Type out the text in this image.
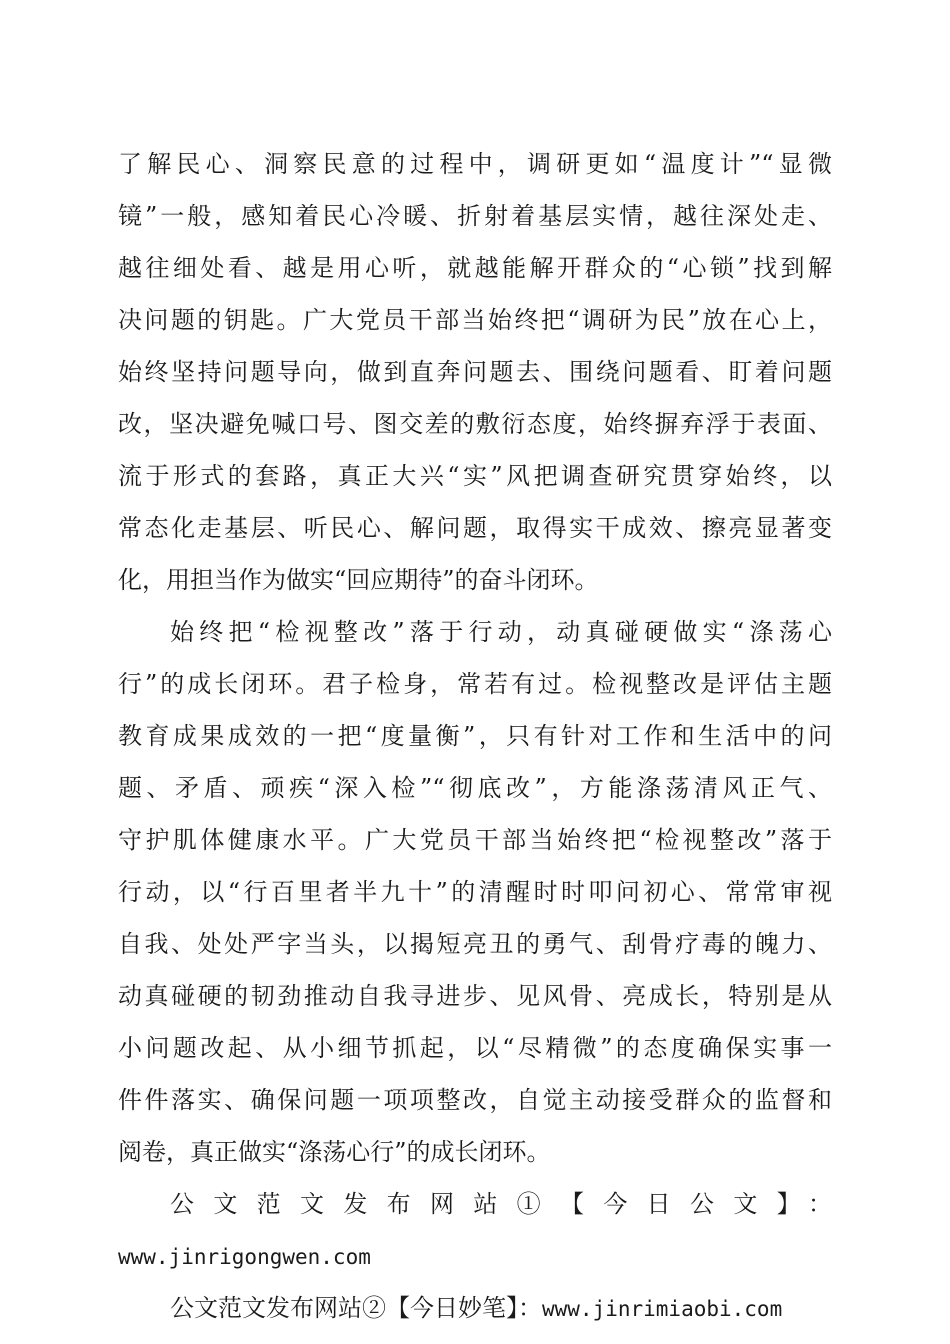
了解民心、洞察民意的过程中，调研更如“温度计”“显微
镜”一般，感知着民心冷暖、折射着基层实情，越往深处走、
越往细处看、越是用心听，就越能解开群众的“心锁”找到解
决问题的钥匙。广大党员干部当始终把“调研为民”放在心上，
始终坚持问题导向，做到直奔问题去、围绕问题看、盯着问题
改，坚决避免喊口号、图交差的敷衍态度，始终摒弃浮于表面、
流于形式的套路，真正大兴“实”风把调查研究贯穿始终，以
常态化走基层、听民心、解问题，取得实干成效、擦亮显著变
化，用担当作为做实“回应期待”的奋斗闭环。
始终把“检视整改”落于行动，动真碰硬做实“涤荡心
行”的成长闭环。君子检身，常若有过。检视整改是评估主题
教育成果成效的一把“度量衡”，只有针对工作和生活中的问
题、矛盾、顽疾“深入检”“彻底改”，方能涤荡清风正气、
守护肌体健康水平。广大党员干部当始终把“检视整改”落于
行动，以“行百里者半九十”的清醒时时叩问初心、常常审视
自我、处处严字当头，以揭短亮丑的勇气、刮骨疗毒的魄力、
动真碰硬的韧劲推动自我寻进步、见风骨、亮成长，特别是从
小问题改起、从小细节抓起，以“尽精微”的态度确保实事一
件件落实、确保问题一项项整改，自觉主动接受群众的监督和
阅卷，真正做实“涤荡心行”的成长闭环。
公文范文发布网站①【今日公文】：
www.jinrigongwen.com
公文范文发布网站②【今日妙笔】：www.jinrimiaobi.com
